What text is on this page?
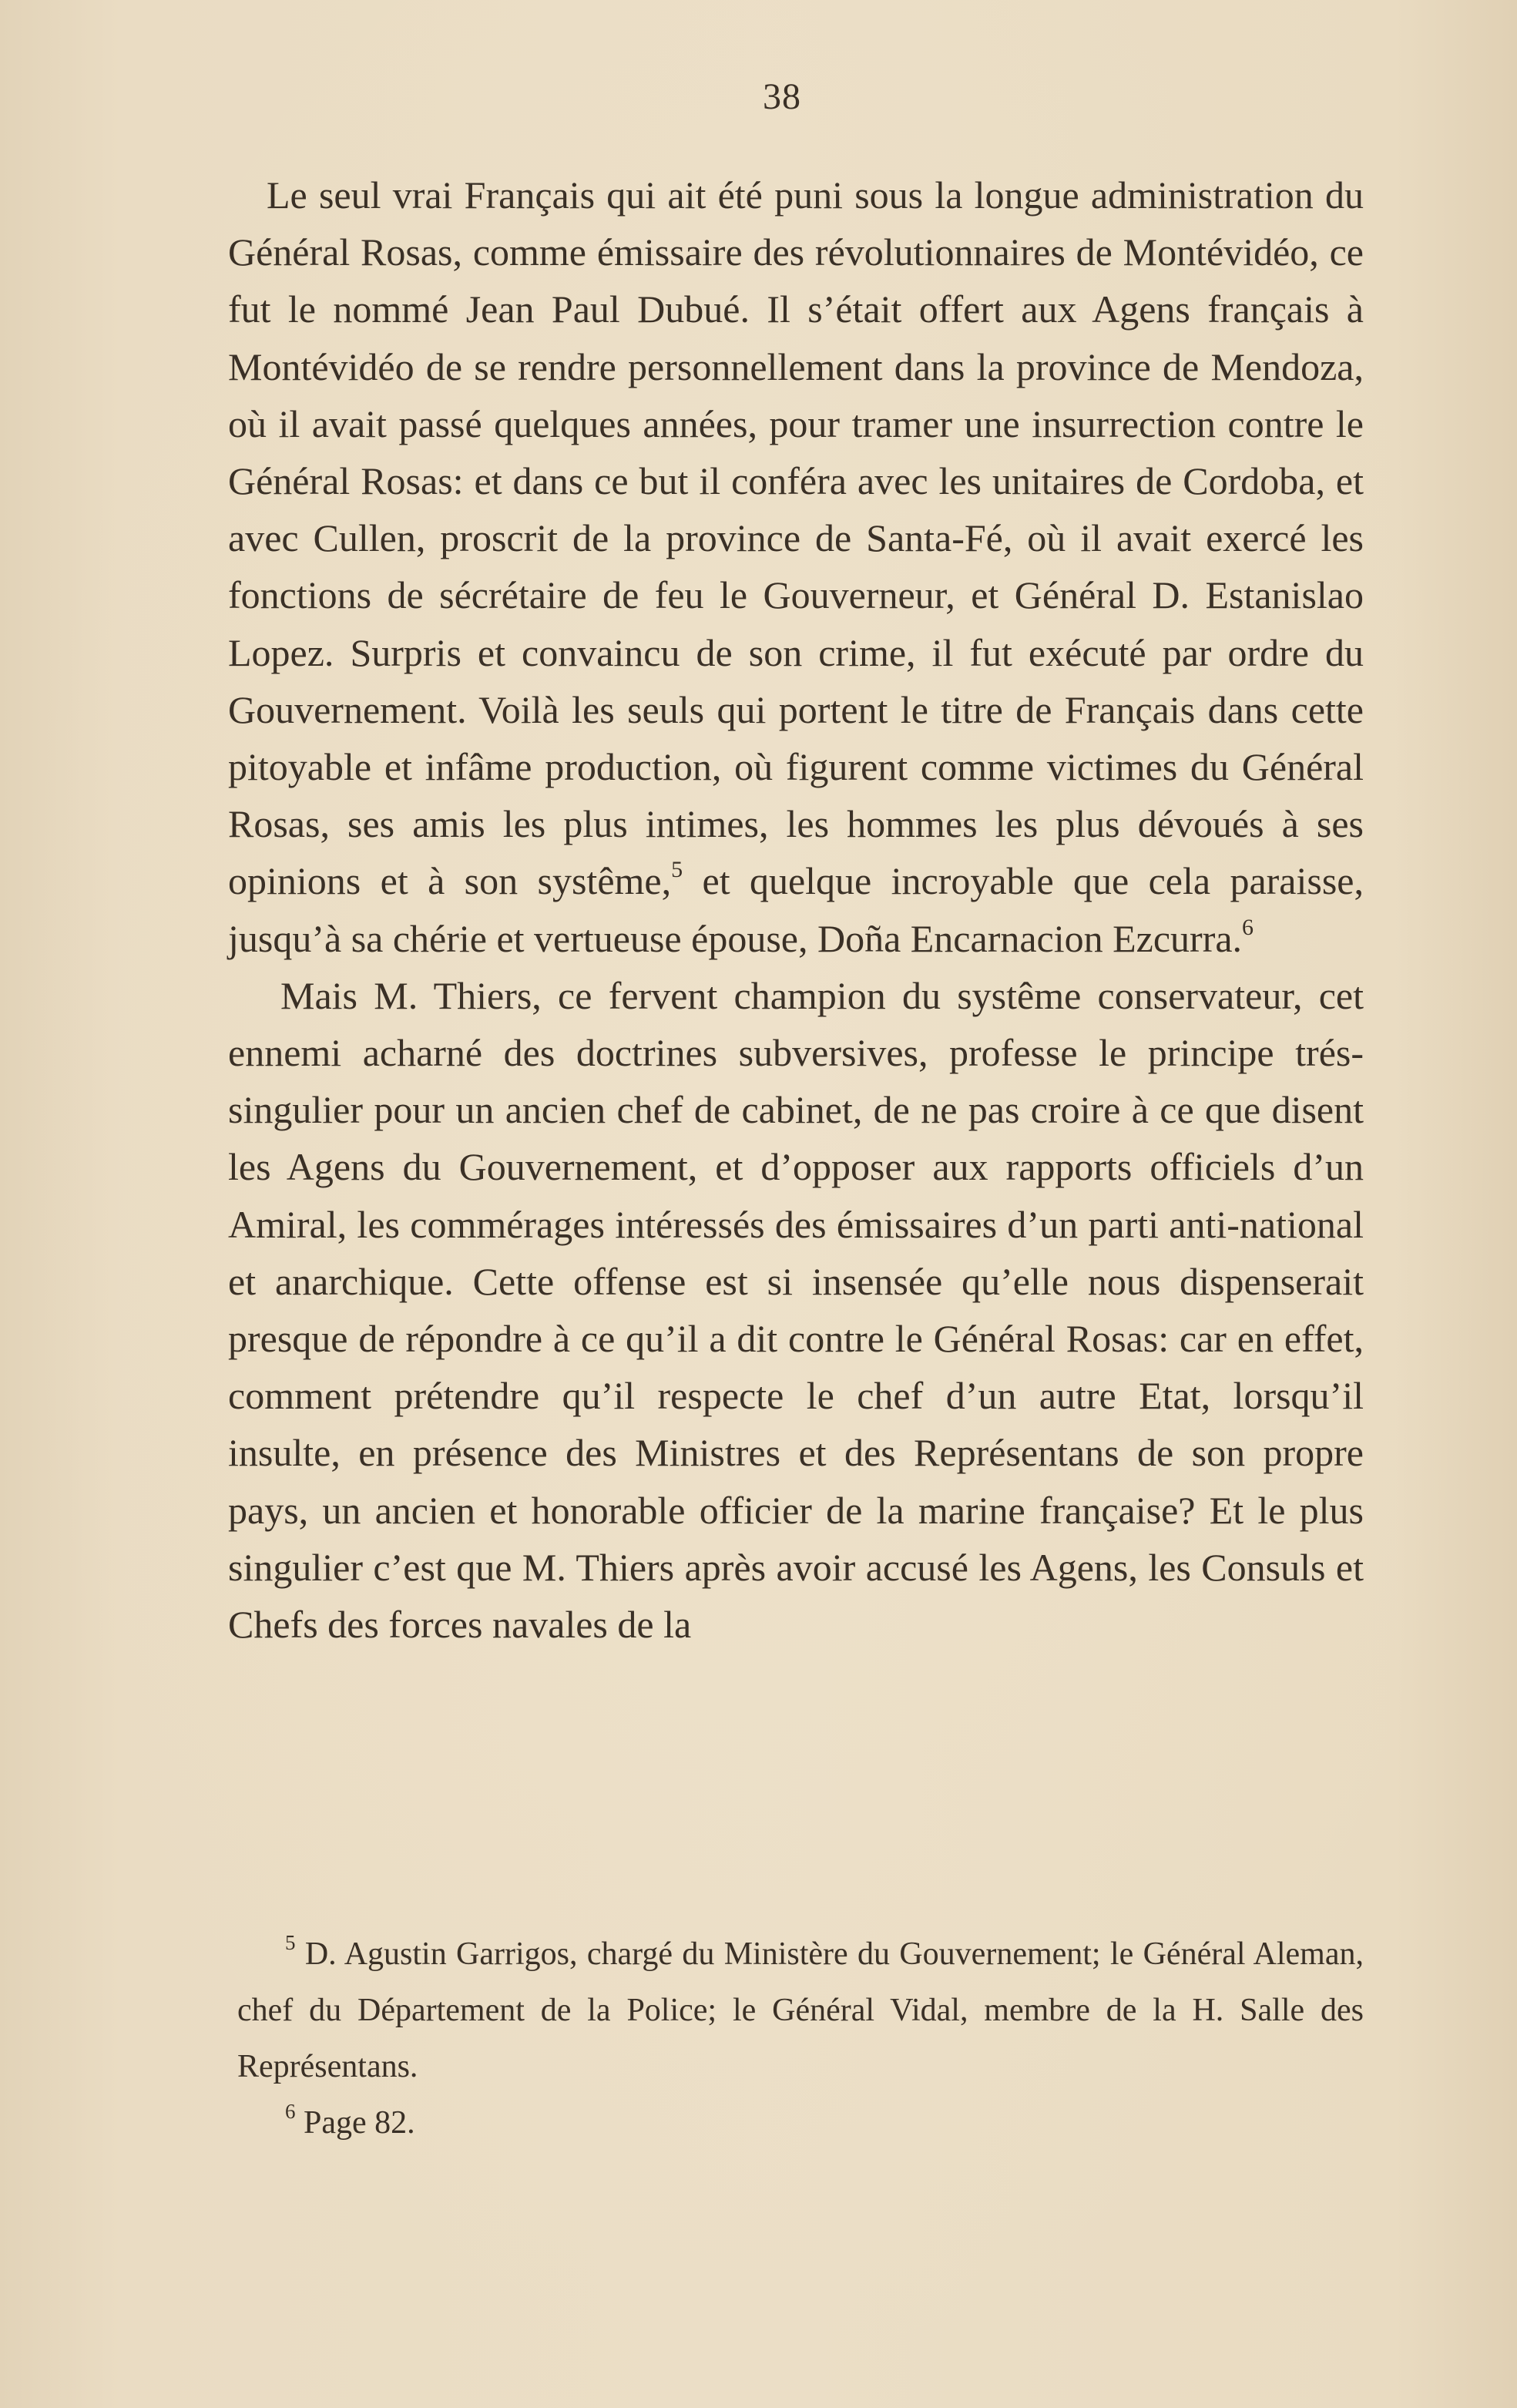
38

Le seul vrai Français qui ait été puni sous la longue administration du Général Rosas, comme émissaire des révolutionnaires de Montévidéo, ce fut le nommé Jean Paul Dubué. Il s’était offert aux Agens français à Montévidéo de se rendre personnellement dans la province de Mendoza, où il avait passé quelques années, pour tramer une insurrection contre le Général Rosas: et dans ce but il conféra avec les unitaires de Cordoba, et avec Cullen, proscrit de la province de Santa-Fé, où il avait exercé les fonctions de sécrétaire de feu le Gouverneur, et Général D. Estanislao Lopez. Surpris et convaincu de son crime, il fut exécuté par ordre du Gouvernement. Voilà les seuls qui portent le titre de Français dans cette pitoyable et infâme production, où figurent comme victimes du Général Rosas, ses amis les plus intimes, les hommes les plus dévoués à ses opinions et à son systême,$^5$ et quelque incroyable que cela paraisse, jusqu’à sa chérie et vertueuse épouse, Doña Encarnacion Ezcurra.$^6$

Mais M. Thiers, ce fervent champion du systême conservateur, cet ennemi acharné des doctrines subversives, professe le principe trés-singulier pour un ancien chef de cabinet, de ne pas croire à ce que disent les Agens du Gouvernement, et d’opposer aux rapports officiels d’un Amiral, les commérages intéressés des émissaires d’un parti anti-national et anarchique. Cette offense est si insensée qu’elle nous dispenserait presque de répondre à ce qu’il a dit contre le Général Rosas: car en effet, comment prétendre qu’il respecte le chef d’un autre Etat, lorsqu’il insulte, en présence des Ministres et des Représentans de son propre pays, un ancien et honorable officier de la marine française? Et le plus singulier c’est que M. Thiers après avoir accusé les Agens, les Consuls et Chefs des forces navales de la

$^5$ D. Agustin Garrigos, chargé du Ministère du Gouvernement; le Général Aleman, chef du Département de la Police; le Général Vidal, membre de la H. Salle des Représentans.

$^6$ Page 82.
